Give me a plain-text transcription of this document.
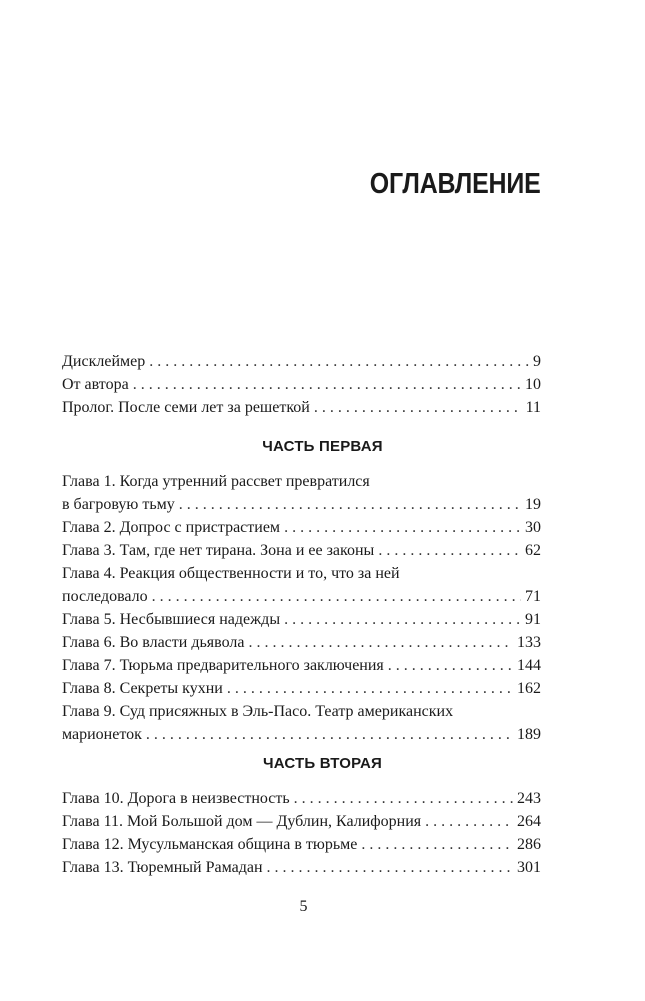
ОГЛАВЛЕНИЕ
Дисклеймер . . .	9
От автора . . .	10
Пролог. После семи лет за решеткой . . .	11
ЧАСТЬ ПЕРВАЯ
Глава 1. Когда утренний рассвет превратился
в багровую тьму . . .	19
Глава 2. Допрос с пристрастием . . .	30
Глава 3. Там, где нет тирана. Зона и ее законы . . .	62
Глава 4. Реакция общественности и то, что за ней
последовало . . .	71
Глава 5. Несбывшиеся надежды . . .	91
Глава 6. Во власти дьявола . . .	133
Глава 7. Тюрьма предварительного заключения . . .	144
Глава 8. Секреты кухни . . .	162
Глава 9. Суд присяжных в Эль-Пасо. Театр американских
марионеток . . .	189
ЧАСТЬ ВТОРАЯ
Глава 10. Дорога в неизвестность . . .	243
Глава 11. Мой Большой дом — Дублин, Калифорния . . .	264
Глава 12. Мусульманская община в тюрьме . . .	286
Глава 13. Тюремный Рамадан . . .	301
5
